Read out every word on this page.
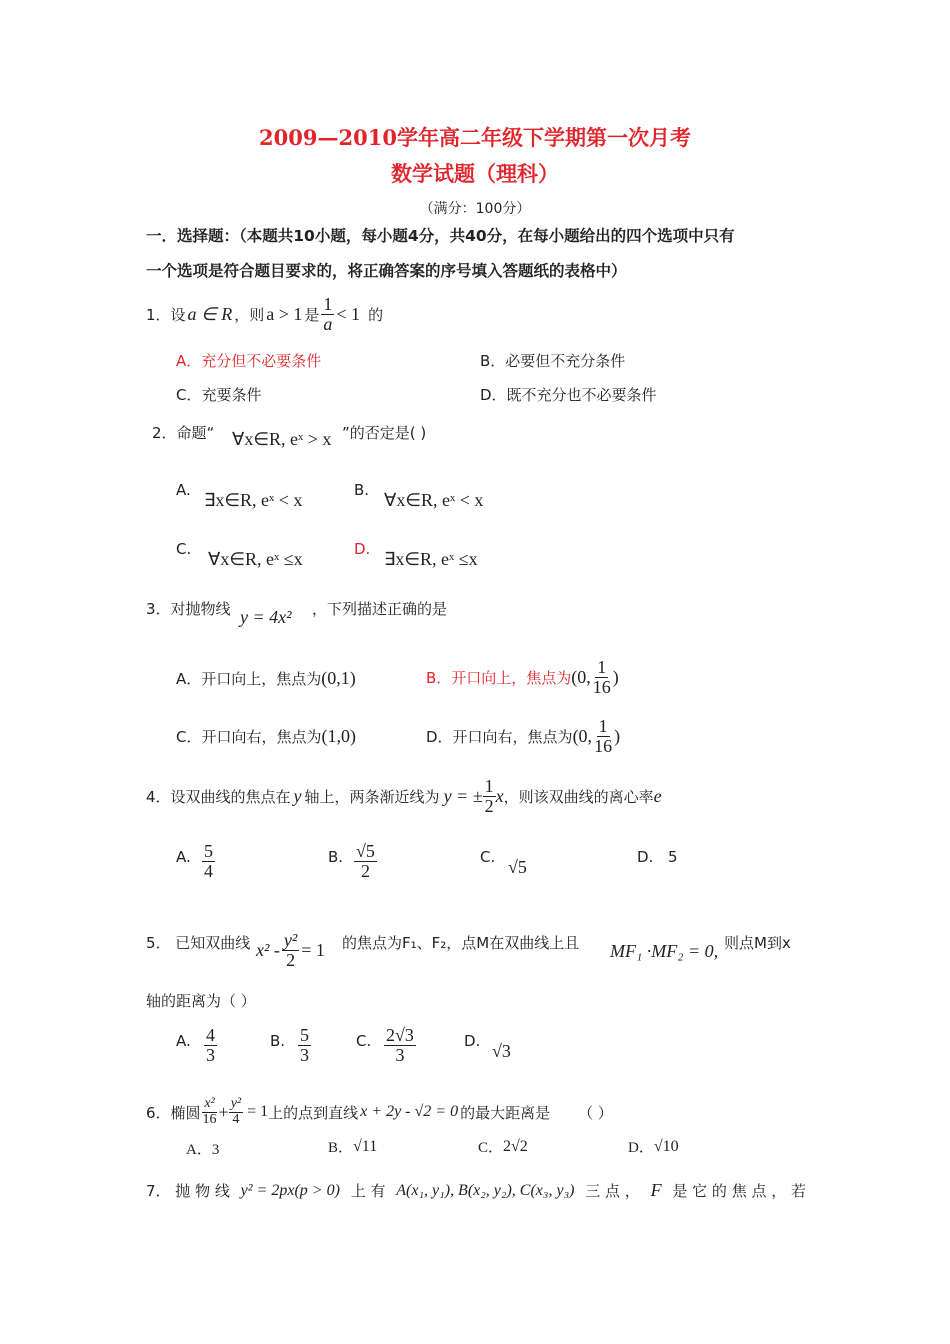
2009—2010学年高二年级下学期第一次月考
数学试题（理科）
（满分：100分）
一．选择题：（本题共10小题，每小题4分，共40分，在每小题给出的四个选项中只有
一个选项是符合题目要求的，将正确答案的序号填入答题纸的表格中）
1．设 a ∈ R ，则 a > 1 是 $\frac{1}{a} < 1$ 的
A．充分但不必要条件	B．必要但不充分条件
C．充要条件	D．既不充分也不必要条件
2．命题“ ∀x∈R, eˣ > x ”的否定是( )
A. ∃x∈R, eˣ < x	B. ∀x∈R, eˣ < x
C. ∀x∈R, eˣ ≤x	D. ∃x∈R, eˣ ≤x
3．对抛物线 y = 4x² ，下列描述正确的是
A．开口向上，焦点为 (0,1)	B．开口向上，焦点为 (0, $\frac{1}{16}$ )
C．开口向右，焦点为 (1,0)	D．开口向右，焦点为 (0, $\frac{1}{16}$ )
4．设双曲线的焦点在 y 轴上，两条渐近线为 y = ± $\frac{1}{2}$ x ，则该双曲线的离心率 e
A. $\frac{5}{4}$	B. $\frac{√5}{2}$	C. √5	D. 5
5． 已知双曲线 $x^2 - \frac{\text{y²}}{2} = 1$ 的焦点为F₁、F₂，点M在双曲线上且 MF₁ ·MF₂ = 0, 则点M到x
轴的距离为（ ）
A. $\frac{4}{3}$	B. $\frac{5}{3}$	C. $\frac{2√3}{3}$	D. √3
6．椭圆 $\frac{\text{x²}}{16} + \frac{\text{y²}}{4} = 1$ 上的点到直线 x + 2y - √2 = 0 的最大距离是 （ ）
A．3	B． √11	C． 2√2	D． √10
7． 抛 物 线 y² = 2px(p > 0) 上 有 A(x₁, y₁), B(x₂, y₂), C(x₃, y₃) 三 点 ， F 是 它 的 焦 点 ， 若
